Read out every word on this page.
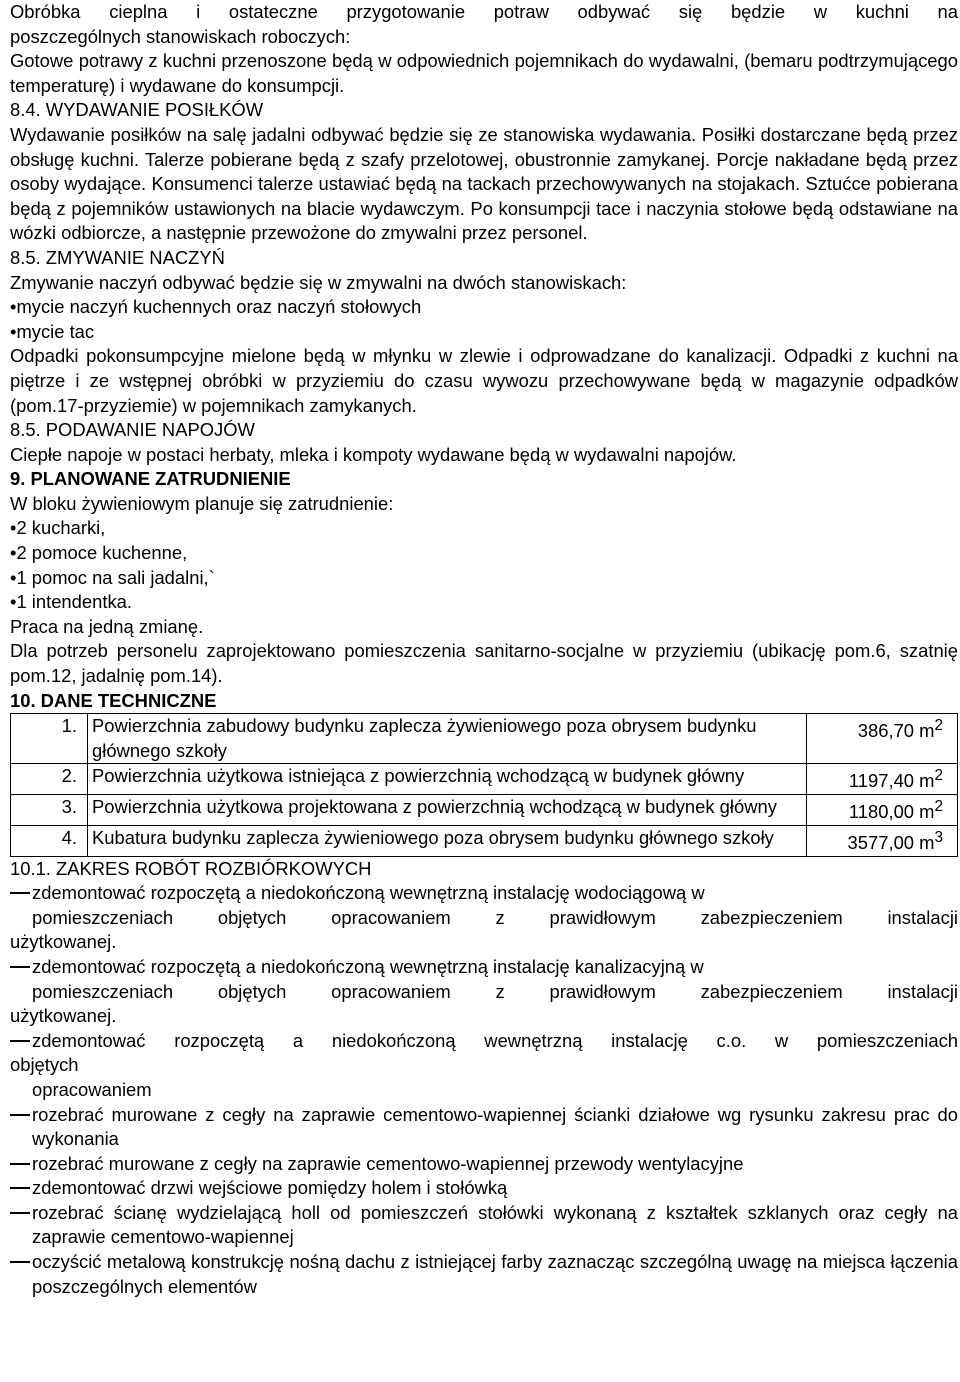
Obróbka cieplna i ostateczne przygotowanie potraw odbywać się będzie w kuchni na

poszczególnych stanowiskach roboczych:

Gotowe potrawy z kuchni przenoszone będą w odpowiednich pojemnikach do wydawalni, (bemaru podtrzymującego temperaturę) i wydawane do konsumpcji.

8.4. WYDAWANIE POSIŁKÓW

Wydawanie posiłków na salę jadalni odbywać będzie się ze stanowiska wydawania. Posiłki dostarczane będą przez obsługę kuchni. Talerze pobierane będą z szafy przelotowej, obustronnie zamykanej. Porcje nakładane będą przez osoby wydające. Konsumenci talerze ustawiać będą na tackach przechowywanych na stojakach. Sztućce pobierana będą z pojemników ustawionych na blacie wydawczym. Po konsumpcji tace i naczynia stołowe będą odstawiane na wózki odbiorcze, a następnie przewożone do zmywalni przez personel.

8.5. ZMYWANIE NACZYŃ

Zmywanie naczyń odbywać będzie się w zmywalni na dwóch stanowiskach:

•mycie naczyń kuchennych oraz naczyń stołowych

•mycie tac

Odpadki pokonsumpcyjne mielone będą w młynku w zlewie i odprowadzane do kanalizacji. Odpadki z kuchni na piętrze i ze wstępnej obróbki w przyziemiu do czasu wywozu przechowywane będą w magazynie odpadków (pom.17-przyziemie) w pojemnikach zamykanych.

8.5. PODAWANIE NAPOJÓW

Ciepłe napoje w postaci herbaty, mleka i kompoty wydawane będą w wydawalni napojów.

9. PLANOWANE ZATRUDNIENIE

W bloku żywieniowym planuje się zatrudnienie:

•2 kucharki,

•2 pomoce kuchenne,

•1 pomoc na sali jadalni,`

•1 intendentka.

Praca na jedną zmianę.

Dla potrzeb personelu zaprojektowano pomieszczenia sanitarno-socjalne w przyziemiu (ubikację pom.6, szatnię pom.12, jadalnię pom.14).

10. DANE TECHNICZNE

1.	Powierzchnia zabudowy budynku zaplecza żywieniowego poza obrysem budynku głównego szkoły	386,70 $m^2$
2.	Powierzchnia użytkowa istniejąca z powierzchnią wchodzącą w budynek główny	1197,40 $m^2$
3.	Powierzchnia użytkowa projektowana z powierzchnią wchodzącą w budynek główny	1180,00 $m^2$
4.	Kubatura budynku zaplecza żywieniowego poza obrysem budynku głównego szkoły	3577,00 $m^3$

10.1. ZAKRES ROBÓT ROZBIÓRKOWYCH

zdemontować rozpoczętą a niedokończoną wewnętrzną instalację wodociągową w
pomieszczeniach objętych opracowaniem z prawidłowym zabezpieczeniem instalacji

użytkowanej.

zdemontować rozpoczętą a niedokończoną wewnętrzną instalację kanalizacyjną w
pomieszczeniach objętych opracowaniem z prawidłowym zabezpieczeniem instalacji

użytkowanej.

zdemontować rozpoczętą a niedokończoną wewnętrzną instalację c.o. w pomieszczeniach

objętych

opracowaniem

rozebrać murowane z cegły na zaprawie cementowo-wapiennej ścianki działowe wg rysunku zakresu prac do wykonania
rozebrać murowane z cegły na zaprawie cementowo-wapiennej przewody wentylacyjne
zdemontować drzwi wejściowe pomiędzy holem i stołówką
rozebrać ścianę wydzielającą holl od pomieszczeń stołówki wykonaną z kształtek szklanych oraz cegły na zaprawie cementowo-wapiennej
oczyścić metalową konstrukcję nośną dachu z istniejącej farby zaznacząc szczególną uwagę na miejsca łączenia poszczególnych elementów
